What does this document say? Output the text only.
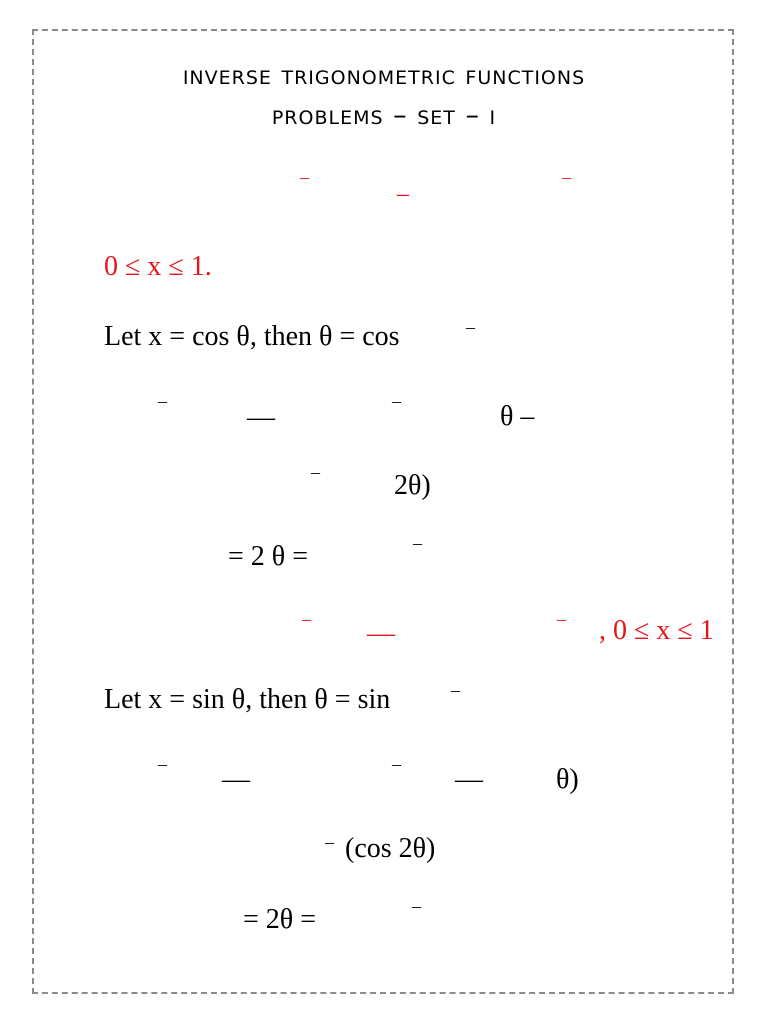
inverse trigonometric functions
problems – set – i
–	_	–
0 ≤ x ≤ 1.
Let x = cos θ, then θ = cos	–
–
—
–	θ –
–	2θ)
= 2 θ =	–
– —	– , 0 ≤ x ≤ 1
Let x = sin θ, then θ = sin	–
– —	– —	θ)
– (cos 2θ)
= 2θ =	–
